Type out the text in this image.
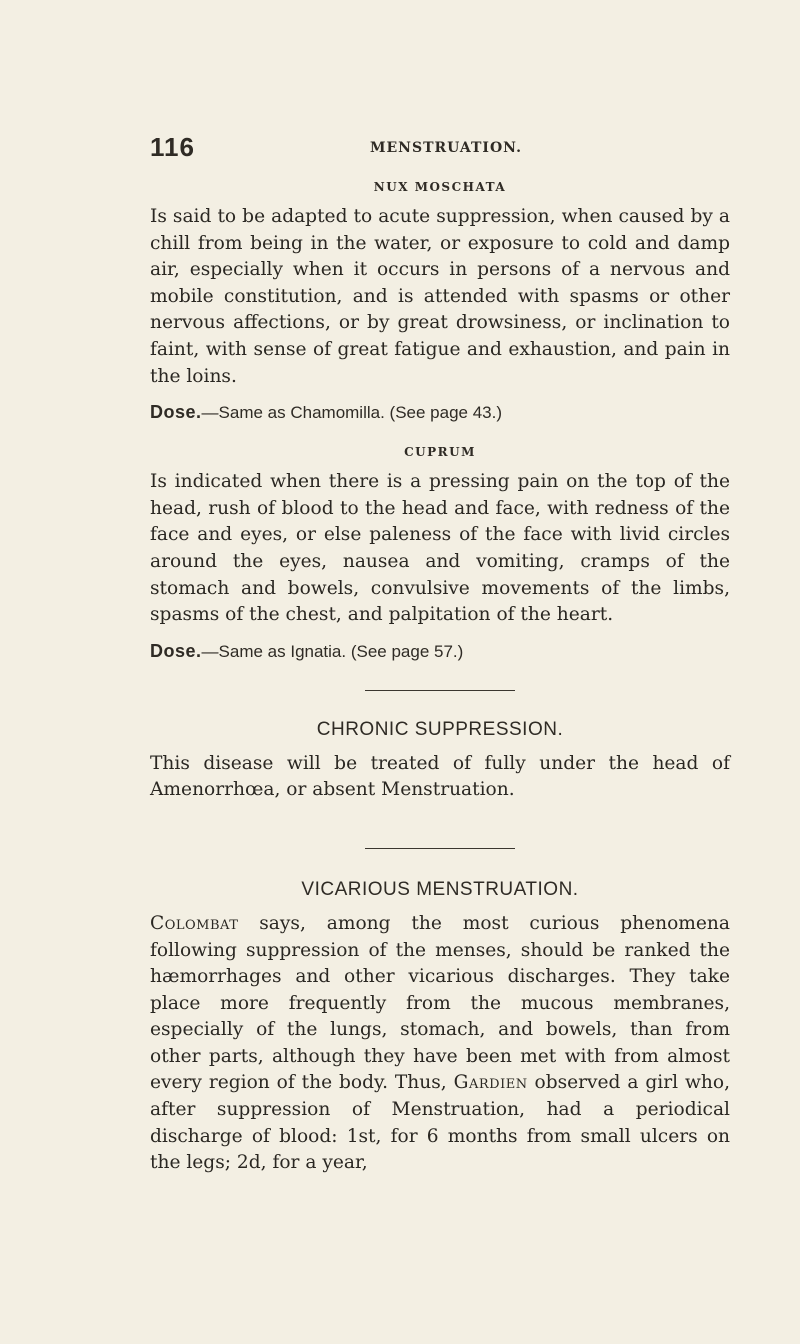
116	MENSTRUATION.
NUX MOSCHATA

Is said to be adapted to acute suppression, when caused by a chill from being in the water, or exposure to cold and damp air, especially when it occurs in persons of a nervous and mobile constitution, and is attended with spasms or other nervous affections, or by great drowsiness, or inclination to faint, with sense of great fatigue and exhaustion, and pain in the loins.

Dose.—Same as Chamomilla. (See page 43.)

CUPRUM

Is indicated when there is a pressing pain on the top of the head, rush of blood to the head and face, with redness of the face and eyes, or else paleness of the face with livid circles around the eyes, nausea and vomiting, cramps of the stomach and bowels, convulsive movements of the limbs, spasms of the chest, and palpitation of the heart.

Dose.—Same as Ignatia. (See page 57.)

CHRONIC SUPPRESSION.

This disease will be treated of fully under the head of Amenorrhœa, or absent Menstruation.

VICARIOUS MENSTRUATION.

Colombat says, among the most curious phenomena following suppression of the menses, should be ranked the hæmorrhages and other vicarious discharges. They take place more frequently from the mucous membranes, especially of the lungs, stomach, and bowels, than from other parts, although they have been met with from almost every region of the body. Thus, Gardien observed a girl who, after suppression of Menstruation, had a periodical discharge of blood: 1st, for 6 months from small ulcers on the legs; 2d, for a year,
